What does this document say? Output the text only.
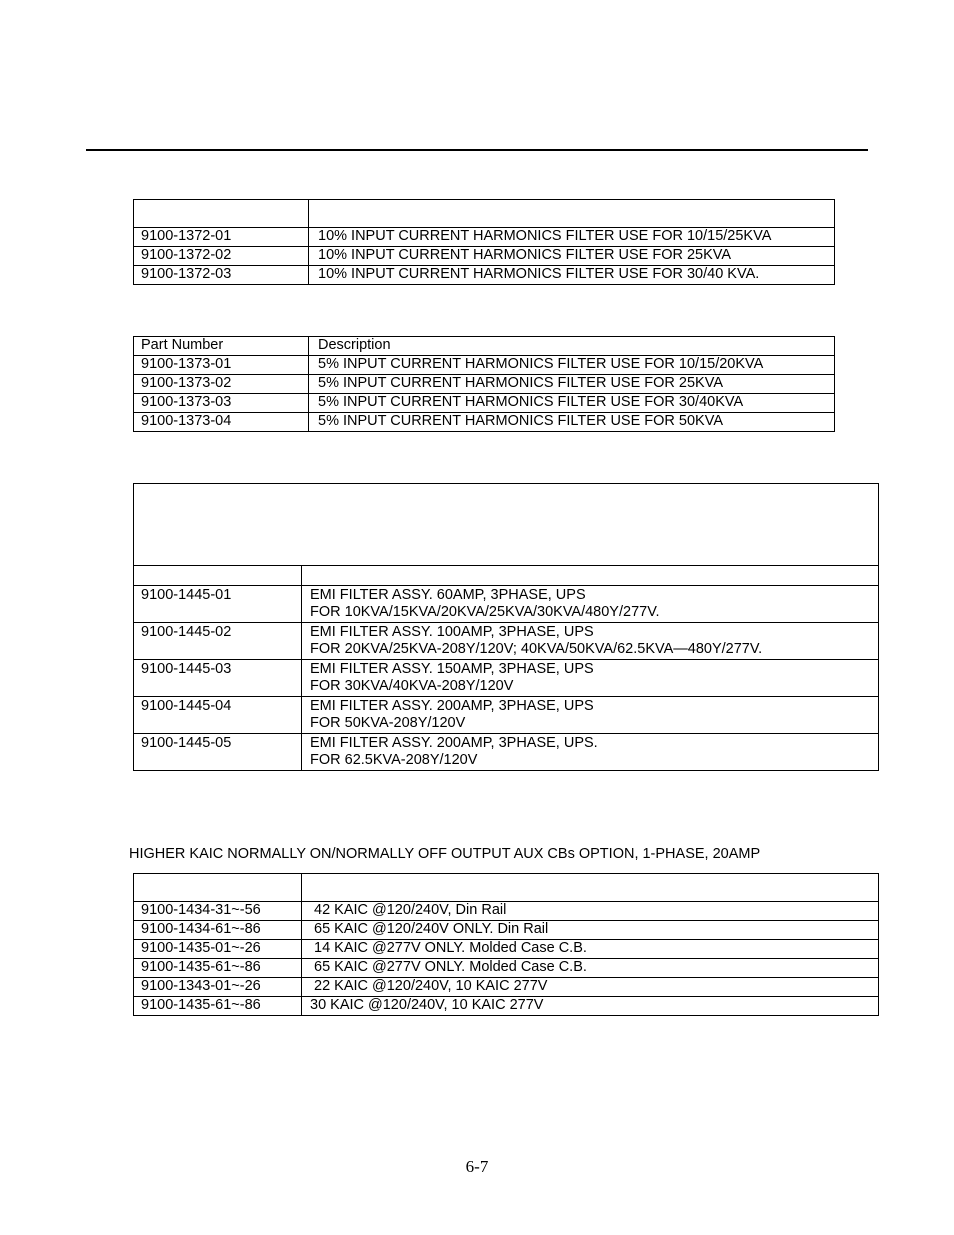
9100-1372-01	10% INPUT CURRENT HARMONICS FILTER USE FOR 10/15/25KVA
9100-1372-02	10% INPUT CURRENT HARMONICS FILTER USE FOR 25KVA
9100-1372-03	10% INPUT CURRENT HARMONICS FILTER USE FOR 30/40 KVA.
Part Number	Description
9100-1373-01	5% INPUT CURRENT HARMONICS FILTER USE FOR 10/15/20KVA
9100-1373-02	5% INPUT CURRENT HARMONICS FILTER USE FOR 25KVA
9100-1373-03	5% INPUT CURRENT HARMONICS FILTER USE FOR 30/40KVA
9100-1373-04	5% INPUT CURRENT HARMONICS FILTER USE FOR 50KVA

9100-1445-01	EMI FILTER ASSY. 60AMP, 3PHASE, UPS
FOR 10KVA/15KVA/20KVA/25KVA/30KVA/480Y/277V.

9100-1445-02	EMI FILTER ASSY. 100AMP, 3PHASE, UPS
FOR 20KVA/25KVA-208Y/120V; 40KVA/50KVA/62.5KVA—480Y/277V.

9100-1445-03	EMI FILTER ASSY. 150AMP, 3PHASE, UPS
FOR 30KVA/40KVA-208Y/120V

9100-1445-04	EMI FILTER ASSY. 200AMP, 3PHASE, UPS
FOR 50KVA-208Y/120V

9100-1445-05	EMI FILTER ASSY. 200AMP, 3PHASE, UPS.
FOR 62.5KVA-208Y/120V
HIGHER KAIC NORMALLY ON/NORMALLY OFF OUTPUT AUX CBs OPTION, 1-PHASE, 20AMP

9100-1434-31~-56	42 KAIC @120/240V, Din Rail
9100-1434-61~-86	65 KAIC @120/240V ONLY. Din Rail
9100-1435-01~-26	14 KAIC @277V ONLY. Molded Case C.B.
9100-1435-61~-86	65 KAIC @277V ONLY. Molded Case C.B.
9100-1343-01~-26	22 KAIC @120/240V, 10 KAIC 277V
9100-1435-61~-86	30 KAIC @120/240V, 10 KAIC 277V
6-7
